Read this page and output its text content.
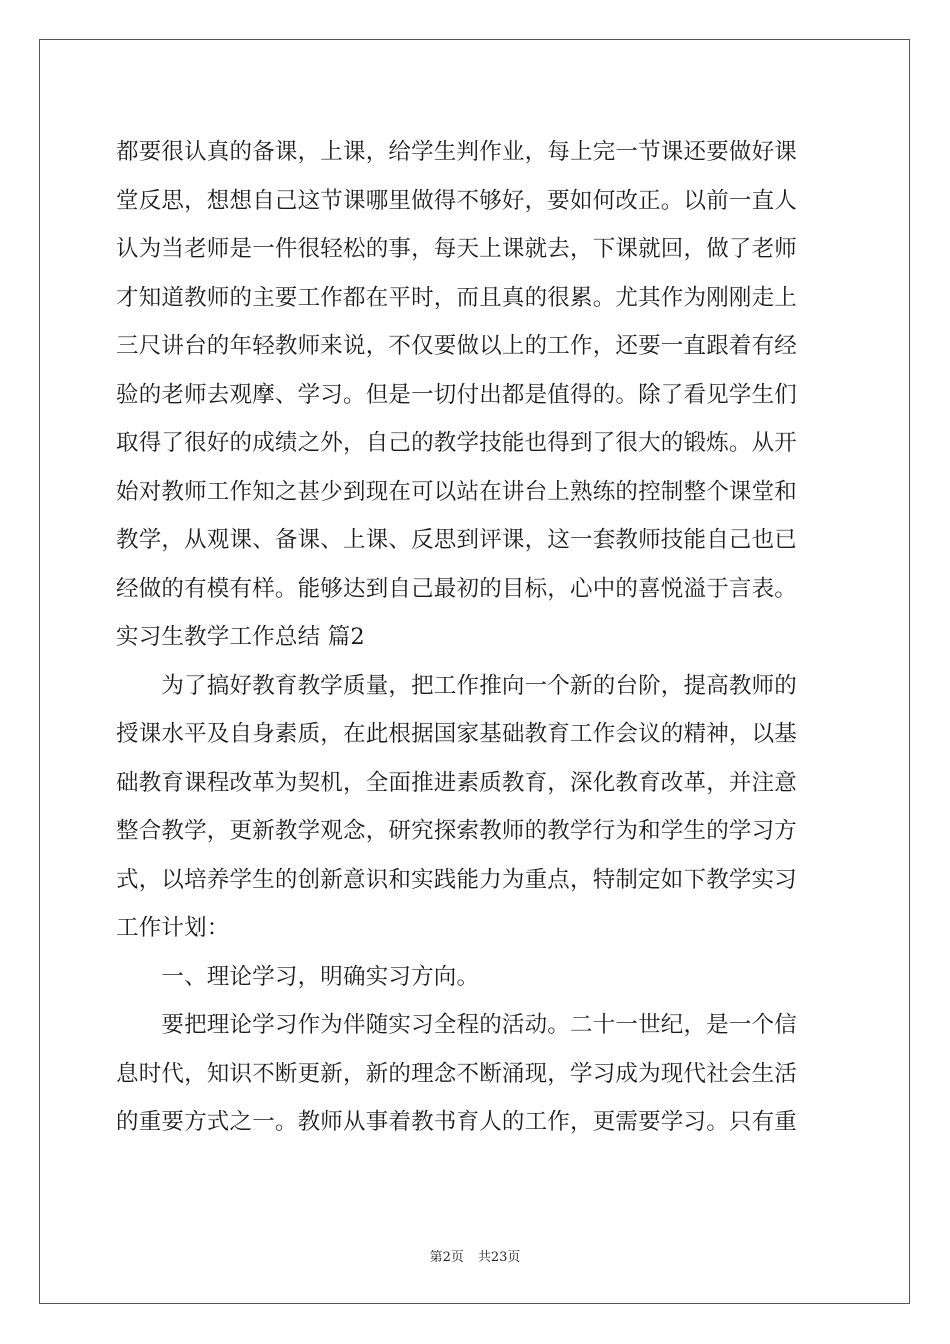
都要很认真的备课，上课，给学生判作业，每上完一节课还要做好课
堂反思，想想自己这节课哪里做得不够好，要如何改正。以前一直人
认为当老师是一件很轻松的事，每天上课就去，下课就回，做了老师
才知道教师的主要工作都在平时，而且真的很累。尤其作为刚刚走上
三尺讲台的年轻教师来说，不仅要做以上的工作，还要一直跟着有经
验的老师去观摩、学习。但是一切付出都是值得的。除了看见学生们
取得了很好的成绩之外，自己的教学技能也得到了很大的锻炼。从开
始对教师工作知之甚少到现在可以站在讲台上熟练的控制整个课堂和
教学，从观课、备课、上课、反思到评课，这一套教师技能自己也已
经做的有模有样。能够达到自己最初的目标，心中的喜悦溢于言表。
实习生教学工作总结 篇2
　　为了搞好教育教学质量，把工作推向一个新的台阶，提高教师的
授课水平及自身素质，在此根据国家基础教育工作会议的精神，以基
础教育课程改革为契机，全面推进素质教育，深化教育改革，并注意
整合教学，更新教学观念，研究探索教师的教学行为和学生的学习方
式，以培养学生的创新意识和实践能力为重点，特制定如下教学实习
工作计划：
　　一、理论学习，明确实习方向。
　　要把理论学习作为伴随实习全程的活动。二十一世纪，是一个信
息时代，知识不断更新，新的理念不断涌现，学习成为现代社会生活
的重要方式之一。教师从事着教书育人的工作，更需要学习。只有重
第2页 共23页
